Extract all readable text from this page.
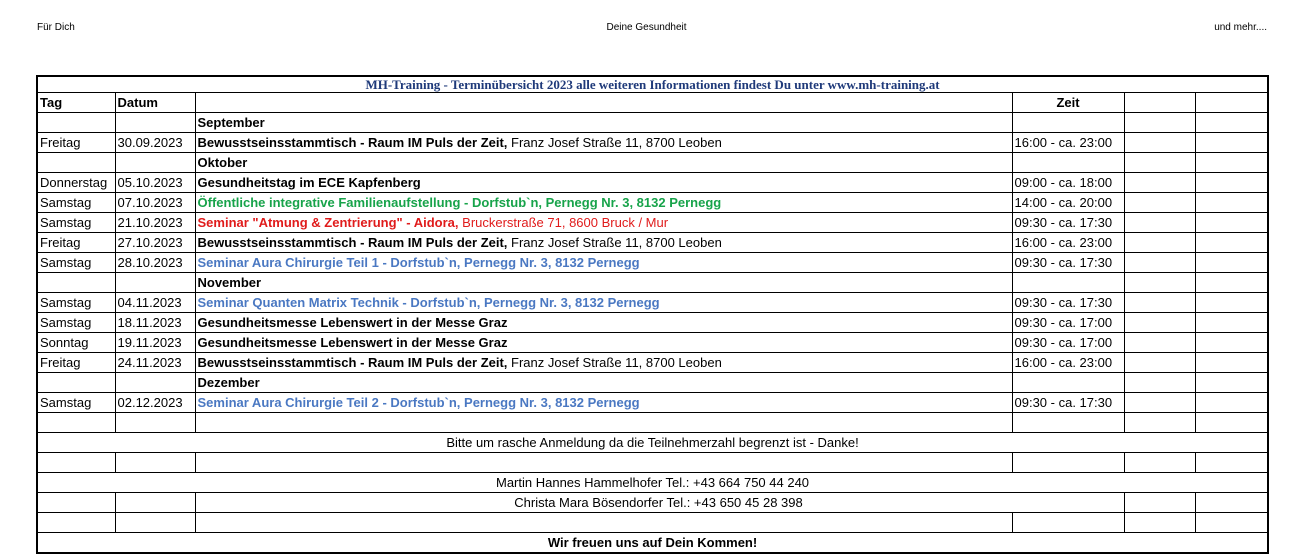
Für Dich	Deine Gesundheit	und mehr....
MH-Training - Terminübersicht 2023 alle weiteren Informationen findest Du unter www.mh-training.at					
Tag	Datum		Zeit		
		September			
Freitag	30.09.2023	Bewusstseinsstammtisch - Raum IM Puls der Zeit, Franz Josef Straße 11, 8700 Leoben	16:00 - ca. 23:00		
		Oktober			
Donnerstag	05.10.2023	Gesundheitstag im ECE Kapfenberg	09:00 - ca. 18:00		
Samstag	07.10.2023	Öffentliche integrative Familienaufstellung - Dorfstub`n, Pernegg Nr. 3, 8132 Pernegg	14:00 - ca. 20:00		
Samstag	21.10.2023	Seminar "Atmung & Zentrierung" - Aidora, Bruckerstraße 71, 8600 Bruck / Mur	09:30 - ca. 17:30		
Freitag	27.10.2023	Bewusstseinsstammtisch - Raum IM Puls der Zeit, Franz Josef Straße 11, 8700 Leoben	16:00 - ca. 23:00		
Samstag	28.10.2023	Seminar Aura Chirurgie Teil 1 - Dorfstub`n, Pernegg Nr. 3, 8132 Pernegg	09:30 - ca. 17:30		
		November			
Samstag	04.11.2023	Seminar Quanten Matrix Technik - Dorfstub`n, Pernegg Nr. 3, 8132 Pernegg	09:30 - ca. 17:30		
Samstag	18.11.2023	Gesundheitsmesse Lebenswert in der Messe Graz	09:30 - ca. 17:00		
Sonntag	19.11.2023	Gesundheitsmesse Lebenswert in der Messe Graz	09:30 - ca. 17:00		
Freitag	24.11.2023	Bewusstseinsstammtisch - Raum IM Puls der Zeit, Franz Josef Straße 11, 8700 Leoben	16:00 - ca. 23:00		
		Dezember			
Samstag	02.12.2023	Seminar Aura Chirurgie Teil 2 - Dorfstub`n, Pernegg Nr. 3, 8132 Pernegg	09:30 - ca. 17:30		

Bitte um rasche Anmeldung da die Teilnehmerzahl begrenzt ist - Danke!					

Martin Hannes Hammelhofer Tel.: +43 664 750 44 240					
		Christa Mara Bösendorfer Tel.: +43 650 45 28 398			

Wir freuen uns auf Dein Kommen!					
